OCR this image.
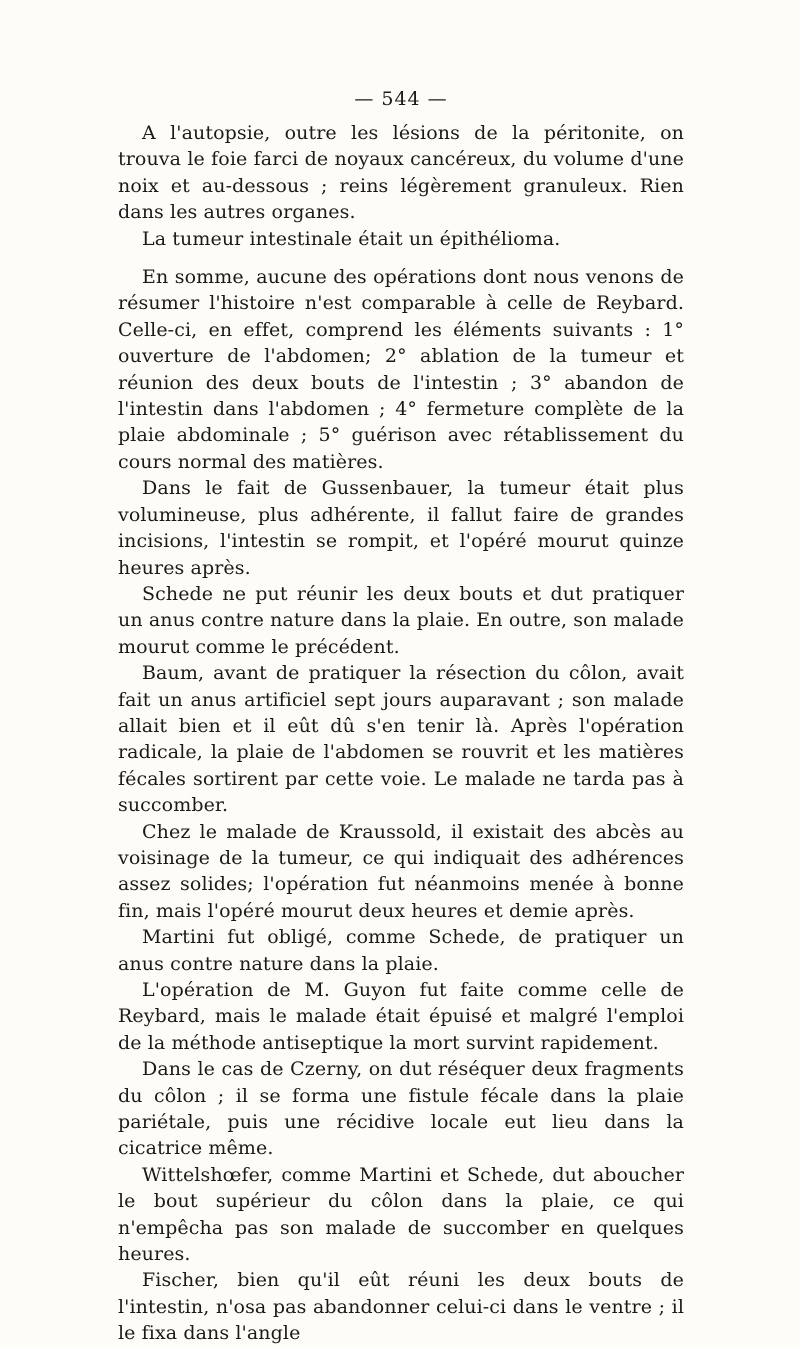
— 544 —

A l'autopsie, outre les lésions de la péritonite, on trouva le foie farci de noyaux cancéreux, du volume d'une noix et au-dessous ; reins légèrement granuleux. Rien dans les autres organes.

La tumeur intestinale était un épithélioma.

En somme, aucune des opérations dont nous venons de résumer l'histoire n'est comparable à celle de Reybard. Celle-ci, en effet, comprend les éléments suivants : 1° ouverture de l'abdomen; 2° ablation de la tumeur et réunion des deux bouts de l'intestin ; 3° abandon de l'intestin dans l'abdomen ; 4° fermeture complète de la plaie abdominale ; 5° guérison avec rétablissement du cours normal des matières.

Dans le fait de Gussenbauer, la tumeur était plus volumineuse, plus adhérente, il fallut faire de grandes incisions, l'intestin se rompit, et l'opéré mourut quinze heures après.

Schede ne put réunir les deux bouts et dut pratiquer un anus contre nature dans la plaie. En outre, son malade mourut comme le précédent.

Baum, avant de pratiquer la résection du côlon, avait fait un anus artificiel sept jours auparavant ; son malade allait bien et il eût dû s'en tenir là. Après l'opération radicale, la plaie de l'abdomen se rouvrit et les matières fécales sortirent par cette voie. Le malade ne tarda pas à succomber.

Chez le malade de Kraussold, il existait des abcès au voisinage de la tumeur, ce qui indiquait des adhérences assez solides; l'opération fut néanmoins menée à bonne fin, mais l'opéré mourut deux heures et demie après.

Martini fut obligé, comme Schede, de pratiquer un anus contre nature dans la plaie.

L'opération de M. Guyon fut faite comme celle de Reybard, mais le malade était épuisé et malgré l'emploi de la méthode antiseptique la mort survint rapidement.

Dans le cas de Czerny, on dut réséquer deux fragments du côlon ; il se forma une fistule fécale dans la plaie pariétale, puis une récidive locale eut lieu dans la cicatrice même.

Wittelshœfer, comme Martini et Schede, dut aboucher le bout supérieur du côlon dans la plaie, ce qui n'empêcha pas son malade de succomber en quelques heures.

Fischer, bien qu'il eût réuni les deux bouts de l'intestin, n'osa pas abandonner celui-ci dans le ventre ; il le fixa dans l'angle
